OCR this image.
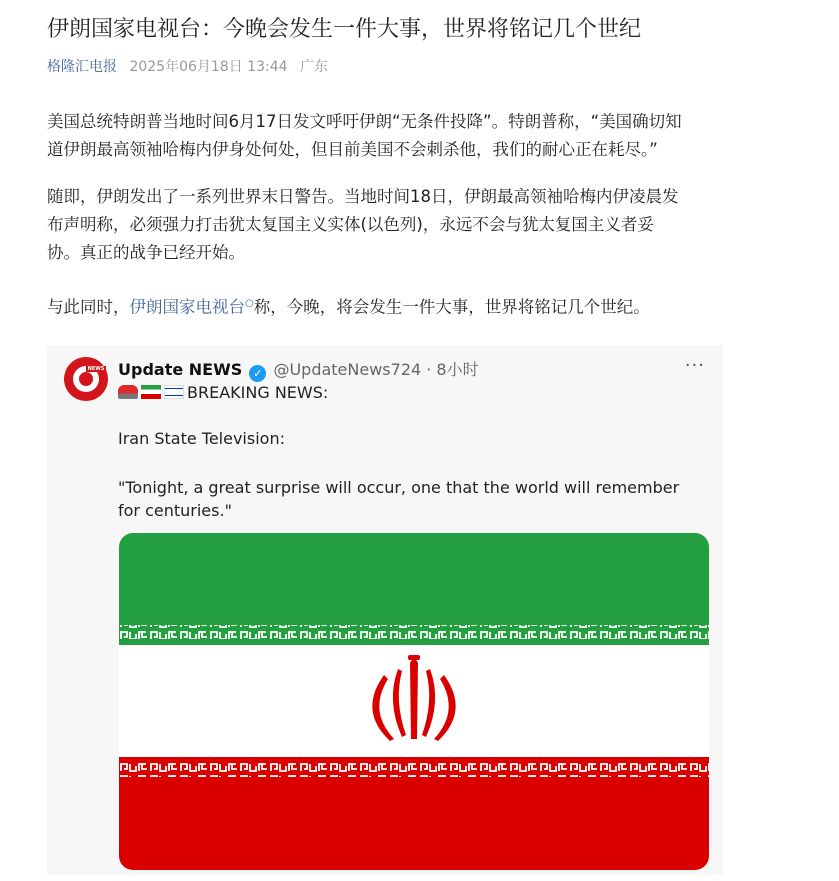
伊朗国家电视台：今晚会发生一件大事，世界将铭记几个世纪
格隆汇电报 2025年06月18日 13:44 广东
美国总统特朗普当地时间6月17日发文呼吁伊朗“无条件投降”。特朗普称，“美国确切知
道伊朗最高领袖哈梅内伊身处何处，但目前美国不会刺杀他，我们的耐心正在耗尽。”
随即，伊朗发出了一系列世界末日警告。当地时间18日，伊朗最高领袖哈梅内伊凌晨发
布声明称，必须强力打击犹太复国主义实体(以色列)，永远不会与犹太复国主义者妥
协。真正的战争已经开始。
与此同时，伊朗国家电视台○称，今晚，将会发生一件大事，世界将铭记几个世纪。
NEWS Update NEWS ✓ @UpdateNews724 · 8小时	···
BREAKING NEWS:
Iran State Television:
"Tonight, a great surprise will occur, one that the world will remember for centuries."
